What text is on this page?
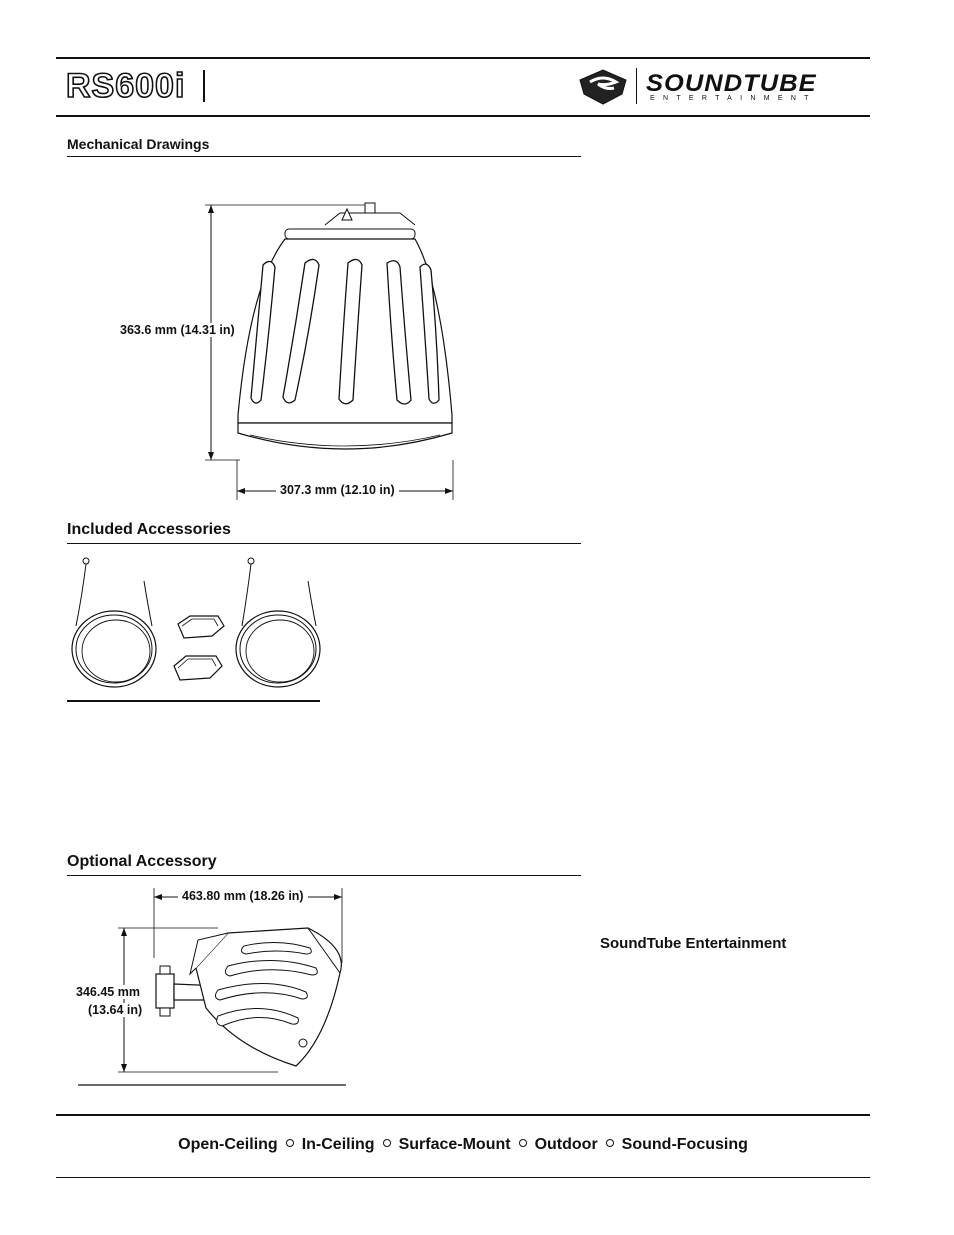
RS600i	SOUNDTUBE
ENTERTAINMENT
Mechanical Drawings
363.6 mm (14.31 in)
307.3 mm (12.10 in)
Included Accessories
Optional Accessory
463.80 mm (18.26 in)
346.45 mm
(13.64 in)
SoundTube Entertainment
Open-Ceiling In-Ceiling Surface-Mount Outdoor Sound-Focusing
